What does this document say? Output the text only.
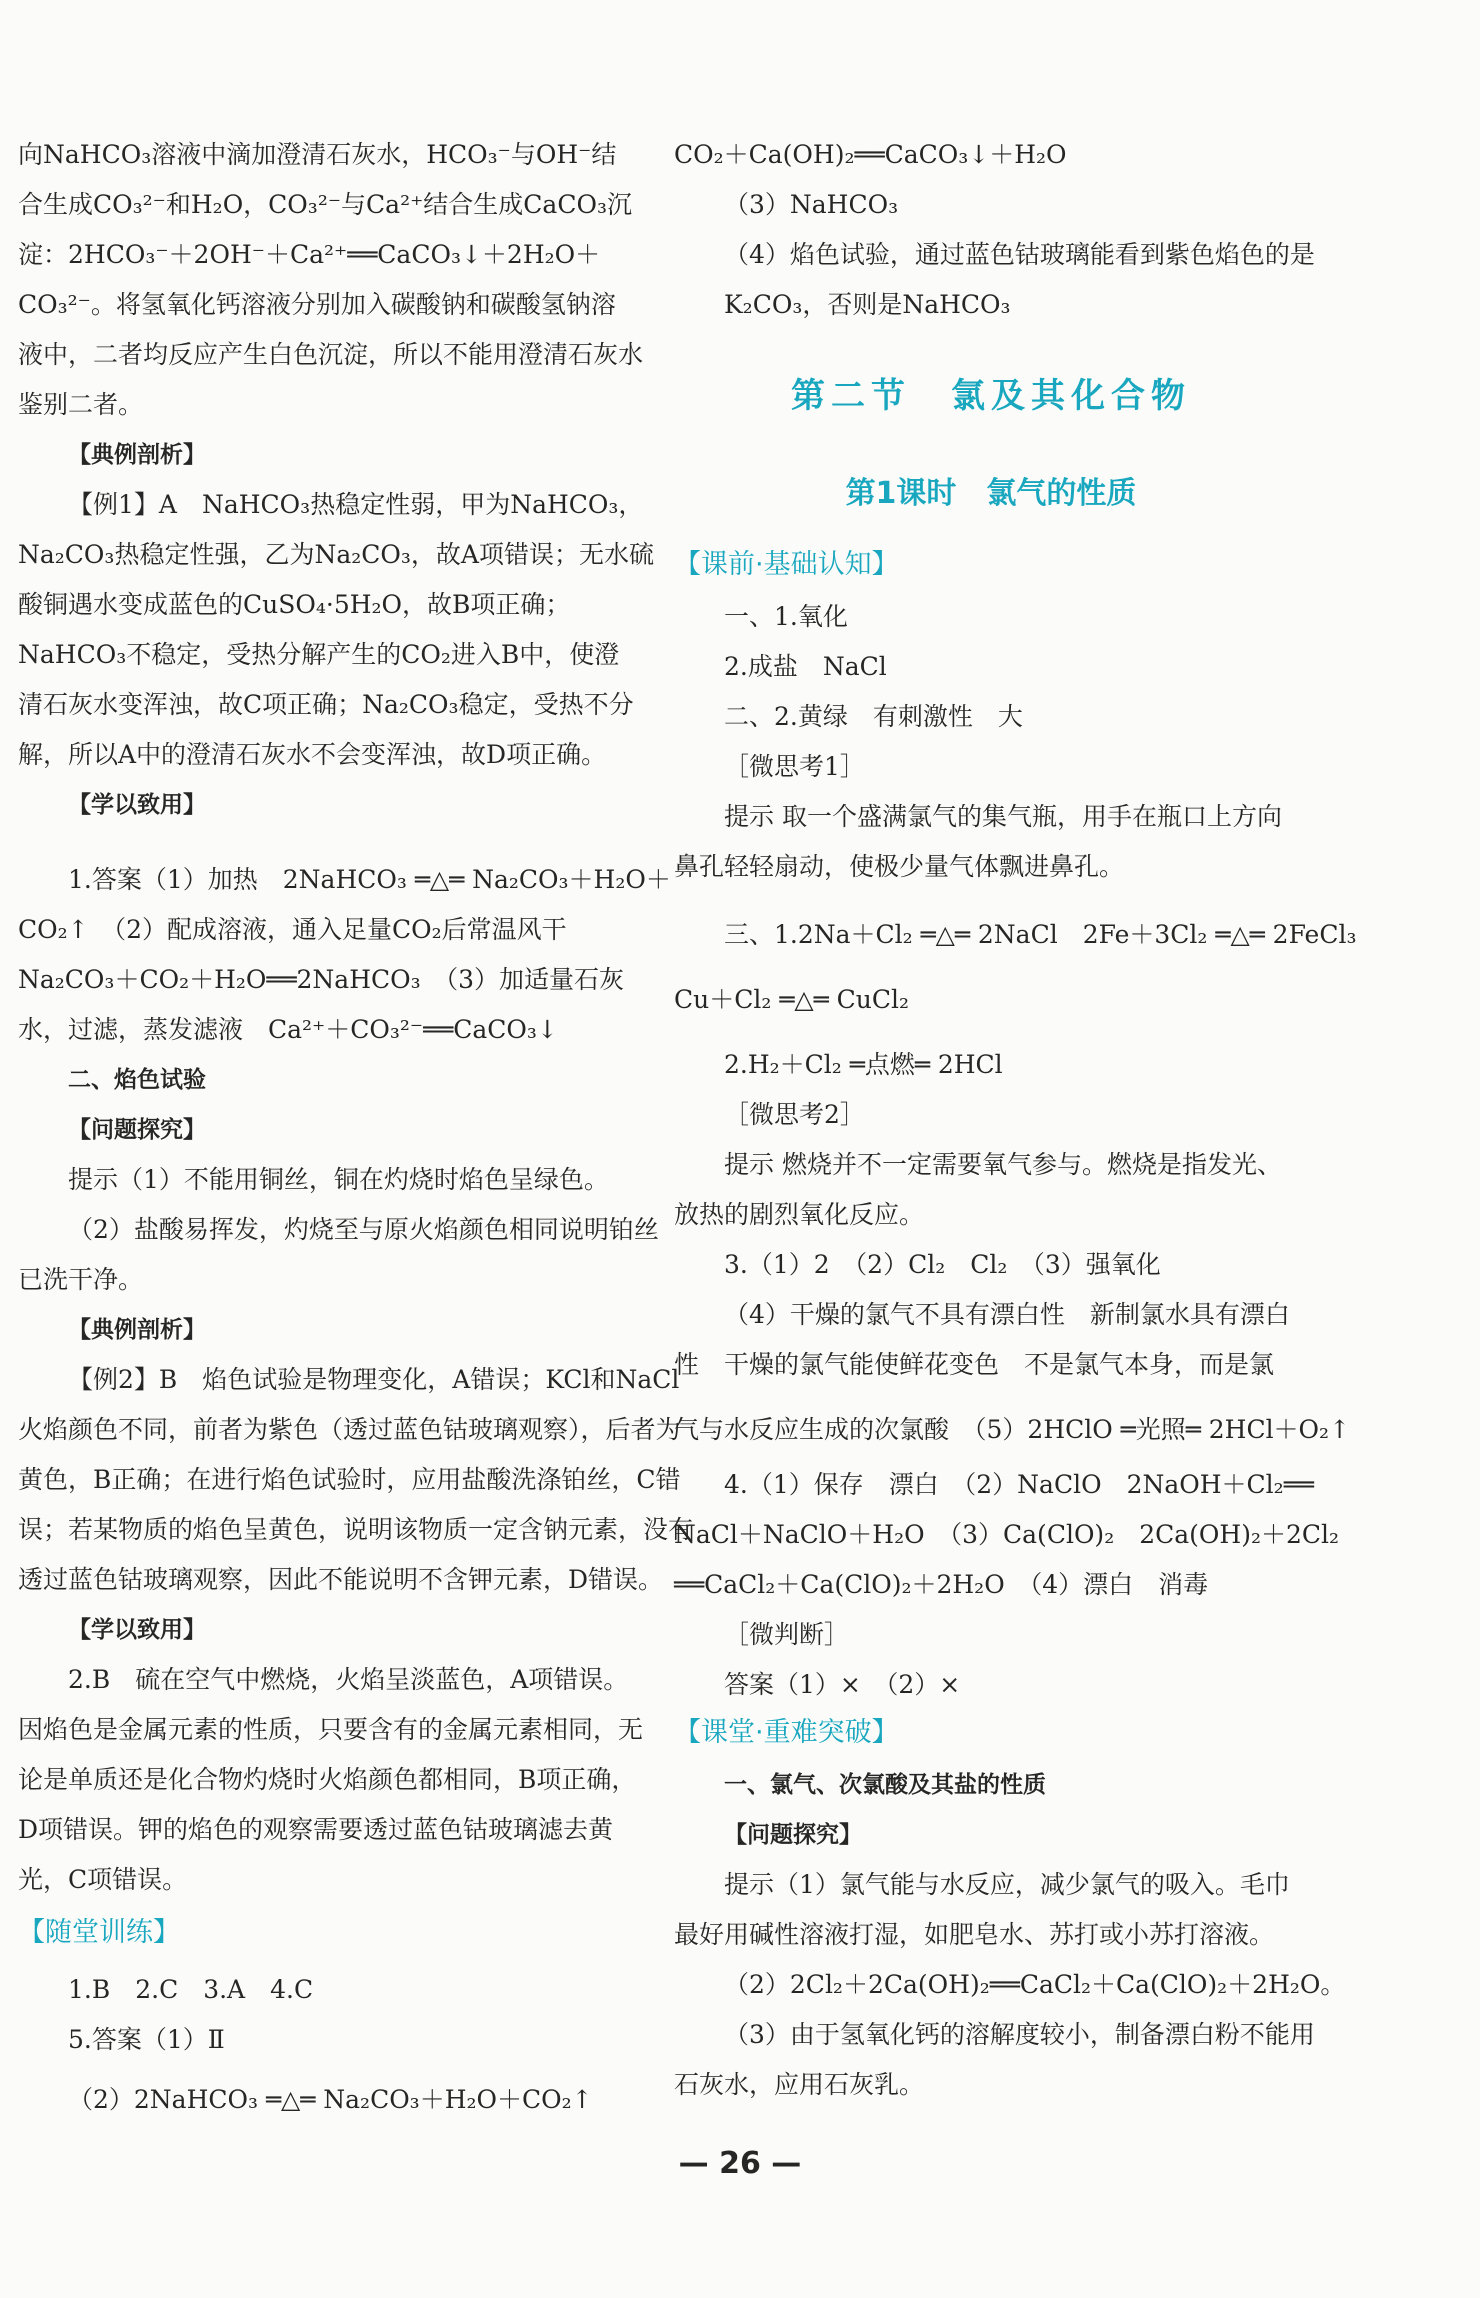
向NaHCO₃溶液中滴加澄清石灰水，HCO₃⁻与OH⁻结
合生成CO₃²⁻和H₂O，CO₃²⁻与Ca²⁺结合生成CaCO₃沉
淀：2HCO₃⁻＋2OH⁻＋Ca²⁺══CaCO₃↓＋2H₂O＋
CO₃²⁻。将氢氧化钙溶液分别加入碳酸钠和碳酸氢钠溶
液中，二者均反应产生白色沉淀，所以不能用澄清石灰水
鉴别二者。
【典例剖析】
【例1】A　NaHCO₃热稳定性弱，甲为NaHCO₃，
Na₂CO₃热稳定性强，乙为Na₂CO₃，故A项错误；无水硫
酸铜遇水变成蓝色的CuSO₄·5H₂O，故B项正确；
NaHCO₃不稳定，受热分解产生的CO₂进入B中，使澄
清石灰水变浑浊，故C项正确；Na₂CO₃稳定，受热不分
解，所以A中的澄清石灰水不会变浑浊，故D项正确。
【学以致用】
1.答案（1）加热　2NaHCO₃ ═△═ Na₂CO₃＋H₂O＋
CO₂↑　（2）配成溶液，通入足量CO₂后常温风干
Na₂CO₃＋CO₂＋H₂O══2NaHCO₃　（3）加适量石灰
水，过滤，蒸发滤液　Ca²⁺＋CO₃²⁻══CaCO₃↓
二、焰色试验
【问题探究】
提示（1）不能用铜丝，铜在灼烧时焰色呈绿色。
（2）盐酸易挥发，灼烧至与原火焰颜色相同说明铂丝
已洗干净。
【典例剖析】
【例2】B　焰色试验是物理变化，A错误；KCl和NaCl
火焰颜色不同，前者为紫色（透过蓝色钴玻璃观察），后者为
黄色，B正确；在进行焰色试验时，应用盐酸洗涤铂丝，C错
误；若某物质的焰色呈黄色，说明该物质一定含钠元素，没有
透过蓝色钴玻璃观察，因此不能说明不含钾元素，D错误。
【学以致用】
2.B　硫在空气中燃烧，火焰呈淡蓝色，A项错误。
因焰色是金属元素的性质，只要含有的金属元素相同，无
论是单质还是化合物灼烧时火焰颜色都相同，B项正确，
D项错误。钾的焰色的观察需要透过蓝色钴玻璃滤去黄
光，C项错误。
【随堂训练】
1.B　2.C　3.A　4.C
5.答案（1）Ⅱ
（2）2NaHCO₃ ═△═ Na₂CO₃＋H₂O＋CO₂↑
CO₂＋Ca(OH)₂══CaCO₃↓＋H₂O
（3）NaHCO₃
（4）焰色试验，通过蓝色钴玻璃能看到紫色焰色的是
K₂CO₃，否则是NaHCO₃
第二节　氯及其化合物
第1课时　氯气的性质
【课前·基础认知】
一、1.氧化
2.成盐　NaCl
二、2.黄绿　有刺激性　大
［微思考1］
提示 取一个盛满氯气的集气瓶，用手在瓶口上方向
鼻孔轻轻扇动，使极少量气体飘进鼻孔。
三、1.2Na＋Cl₂ ═△═ 2NaCl　2Fe＋3Cl₂ ═△═ 2FeCl₃
Cu＋Cl₂ ═△═ CuCl₂
2.H₂＋Cl₂ ═点燃═ 2HCl
［微思考2］
提示 燃烧并不一定需要氧气参与。燃烧是指发光、
放热的剧烈氧化反应。
3.（1）2　（2）Cl₂　Cl₂　（3）强氧化
（4）干燥的氯气不具有漂白性　新制氯水具有漂白
性　干燥的氯气能使鲜花变色　不是氯气本身，而是氯
气与水反应生成的次氯酸　（5）2HClO ═光照═ 2HCl＋O₂↑
4.（1）保存　漂白　（2）NaClO　2NaOH＋Cl₂══
NaCl＋NaClO＋H₂O　（3）Ca(ClO)₂　2Ca(OH)₂＋2Cl₂
══CaCl₂＋Ca(ClO)₂＋2H₂O　（4）漂白　消毒
［微判断］
答案（1）×　（2）×
【课堂·重难突破】
一、氯气、次氯酸及其盐的性质
【问题探究】
提示（1）氯气能与水反应，减少氯气的吸入。毛巾
最好用碱性溶液打湿，如肥皂水、苏打或小苏打溶液。
（2）2Cl₂＋2Ca(OH)₂══CaCl₂＋Ca(ClO)₂＋2H₂O。
（3）由于氢氧化钙的溶解度较小，制备漂白粉不能用
石灰水，应用石灰乳。
— 26 —
